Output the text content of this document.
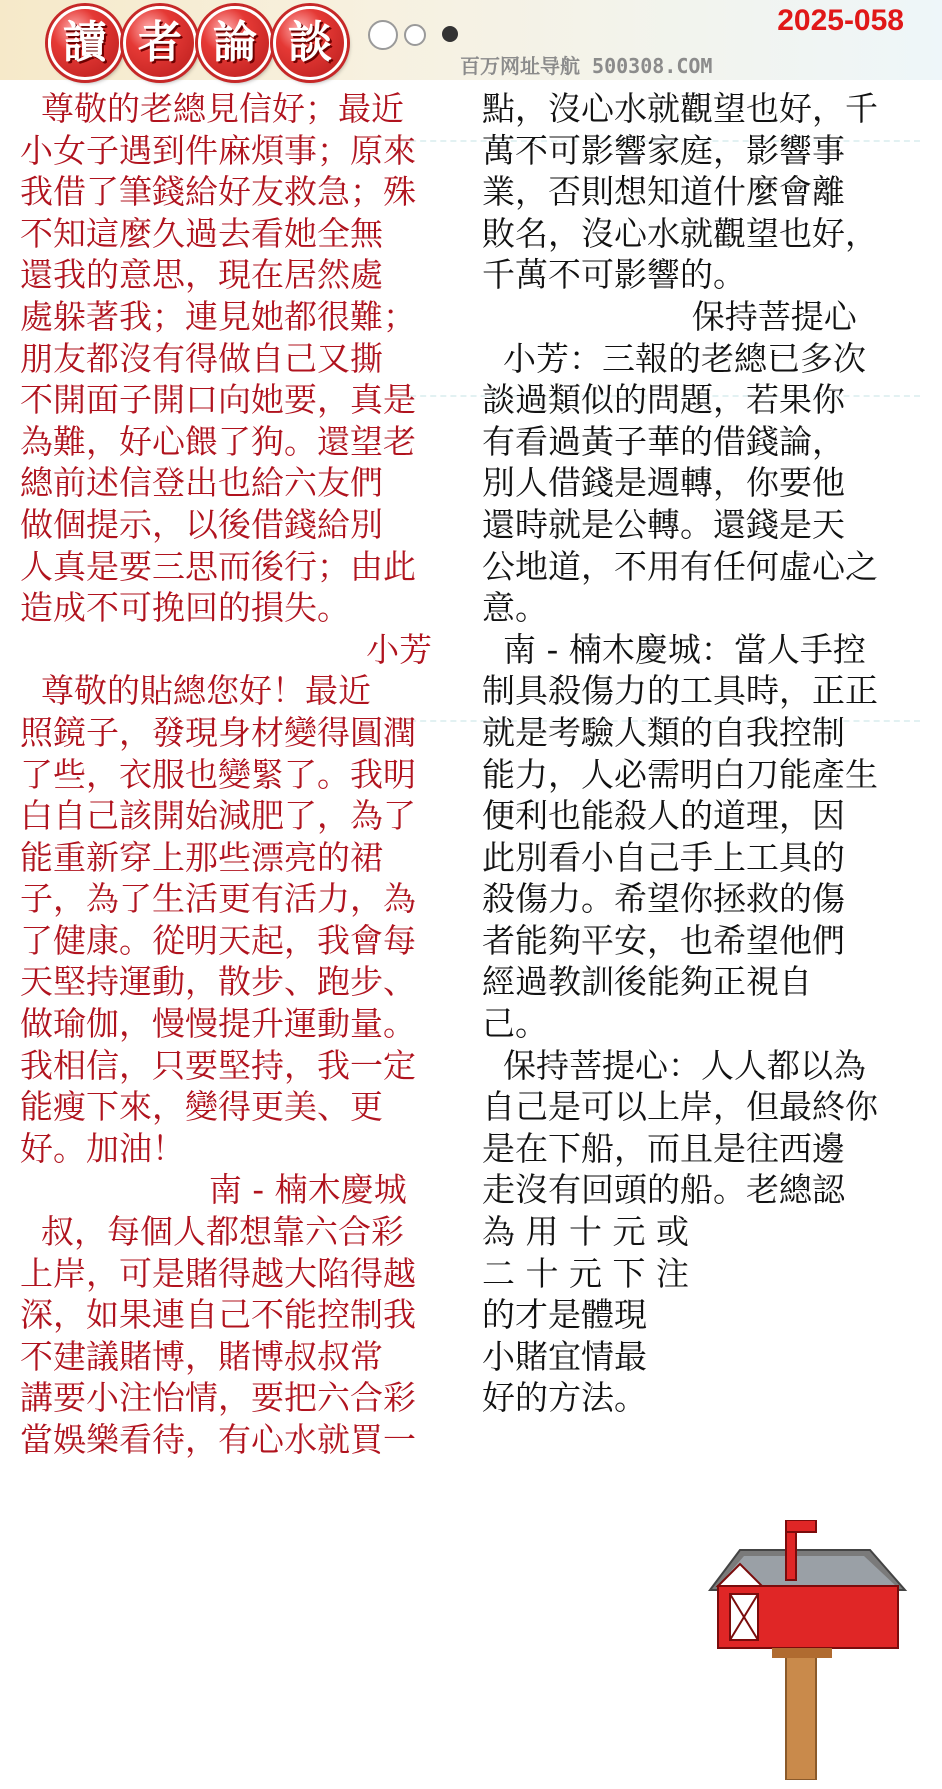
讀 者 論 談	2025-058
百万网址导航 500308.COM
尊敬的老總見信好；最近
小女子遇到件麻煩事；原來
我借了筆錢給好友救急；殊
不知這麼久過去看她全無
還我的意思，現在居然處
處躲著我；連見她都很難；
朋友都沒有得做自己又撕
不開面子開口向她要，真是
為難，好心餵了狗。還望老
總前述信登出也給六友們
做個提示，以後借錢給別
人真是要三思而後行；由此
造成不可挽回的損失。
小芳
尊敬的貼總您好！最近
照鏡子，發現身材變得圓潤
了些，衣服也變緊了。我明
白自己該開始減肥了，為了
能重新穿上那些漂亮的裙
子，為了生活更有活力，為
了健康。從明天起，我會每
天堅持運動，散步、跑步、
做瑜伽，慢慢提升運動量。
我相信，只要堅持，我一定
能瘦下來，變得更美、更
好。加油！
南 - 楠木慶城
叔，每個人都想靠六合彩
上岸，可是賭得越大陷得越
深，如果連自己不能控制我
不建議賭博，賭博叔叔常
講要小注怡情，要把六合彩
當娛樂看待，有心水就買一
點，沒心水就觀望也好，千
萬不可影響家庭，影響事
業，否則想知道什麼會離
敗名，沒心水就觀望也好，
千萬不可影響的。
保持菩提心
小芳：三報的老總已多次
談過類似的問題，若果你
有看過黃子華的借錢論，
別人借錢是週轉，你要他
還時就是公轉。還錢是天
公地道，不用有任何虛心之
意。
南 - 楠木慶城：當人手控
制具殺傷力的工具時，正正
就是考驗人類的自我控制
能力，人必需明白刀能產生
便利也能殺人的道理，因
此別看小自己手上工具的
殺傷力。希望你拯救的傷
者能夠平安，也希望他們
經過教訓後能夠正視自
己。
保持菩提心：人人都以為
自己是可以上岸，但最終你
是在下船，而且是往西邊
走沒有回頭的船。老總認
為 用 十 元 或
二 十 元 下 注
的才是體現
小賭宜情最
好的方法。
